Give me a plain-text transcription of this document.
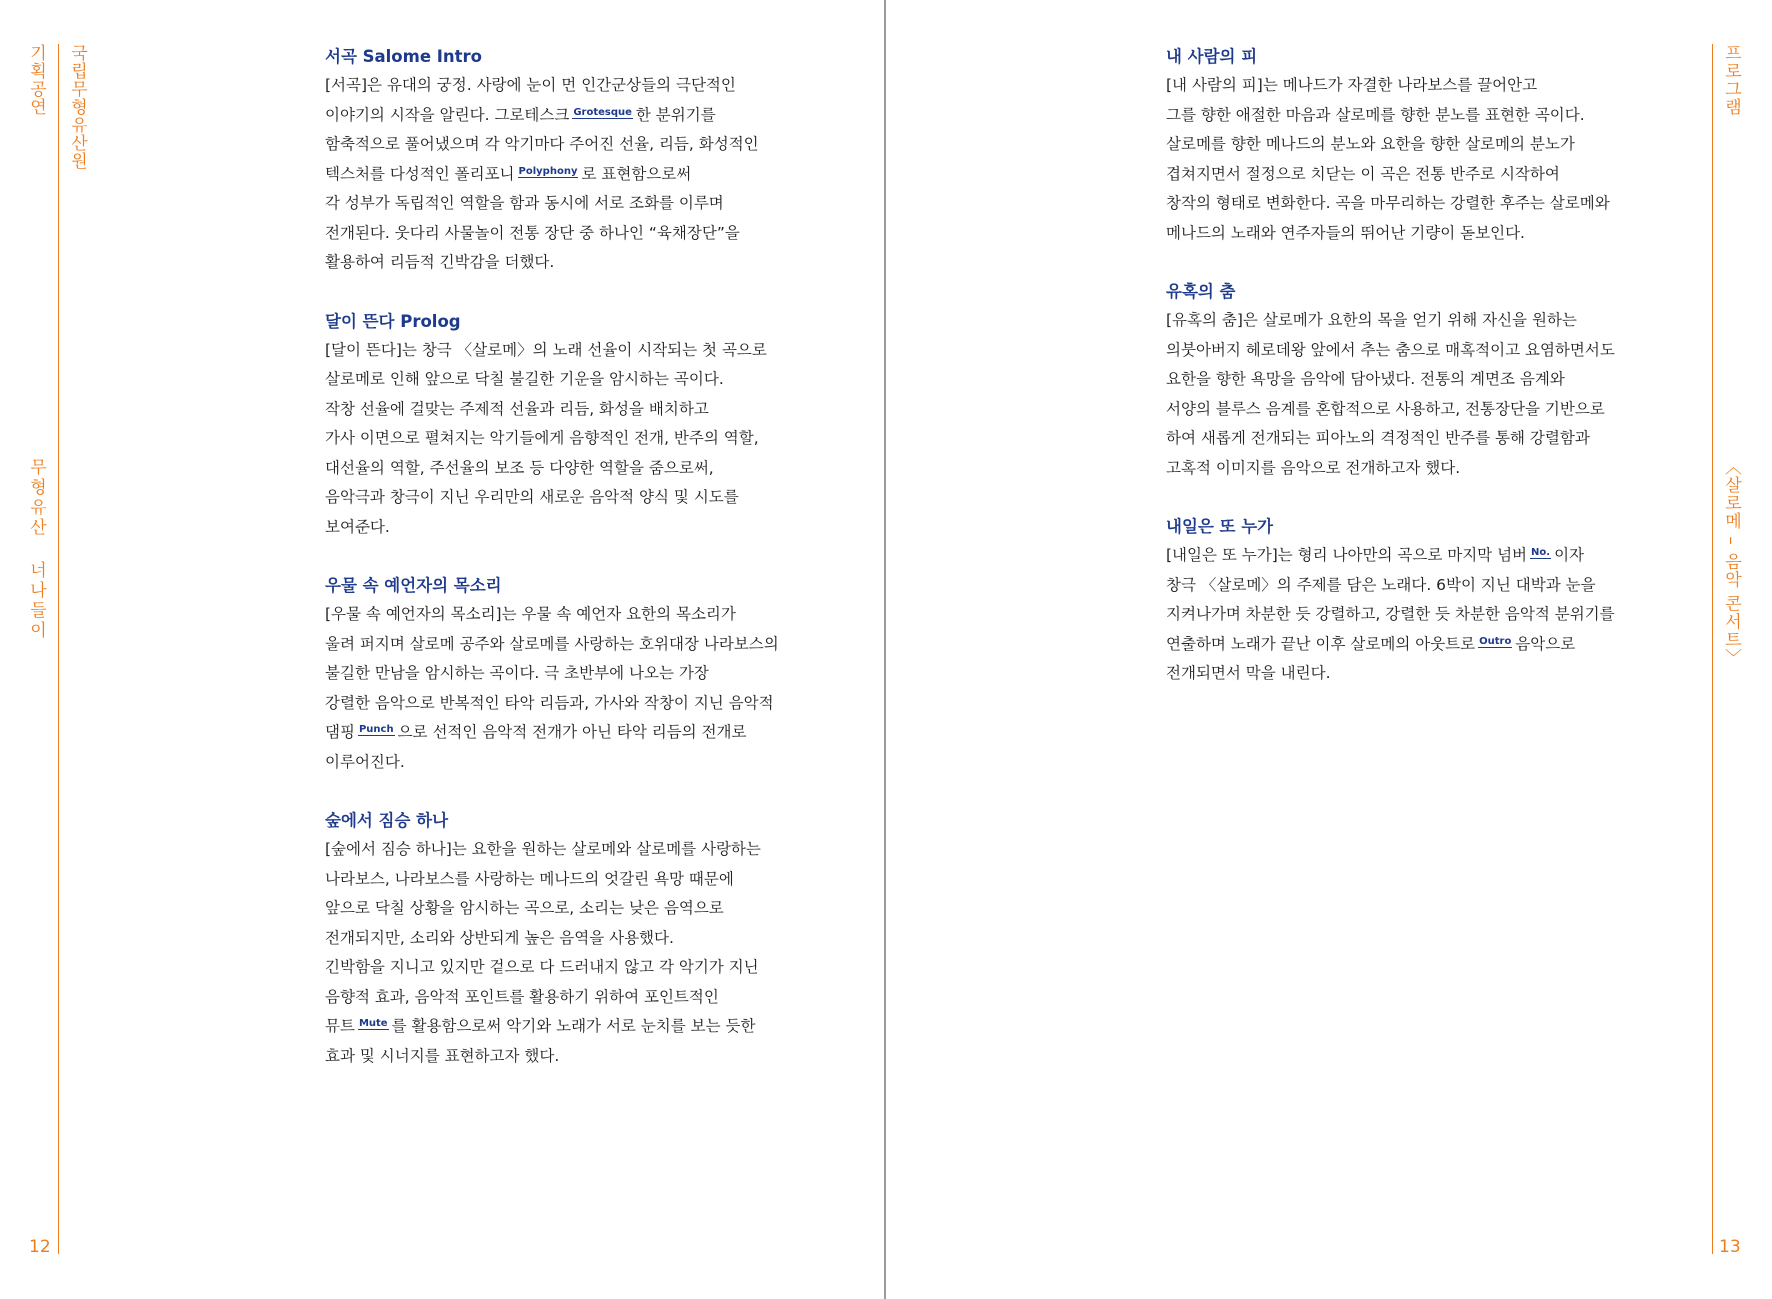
기획공연 국립무형유산원
무형유산 너나들이
12
서곡 Salome Intro
[서곡]은 유대의 궁정. 사랑에 눈이 먼 인간군상들의 극단적인
이야기의 시작을 알린다. 그로테스크 Grotesque 한 분위기를
함축적으로 풀어냈으며 각 악기마다 주어진 선율, 리듬, 화성적인
텍스처를 다성적인 폴리포니 Polyphony 로 표현함으로써
각 성부가 독립적인 역할을 함과 동시에 서로 조화를 이루며
전개된다. 웃다리 사물놀이 전통 장단 중 하나인 “육채장단”을
활용하여 리듬적 긴박감을 더했다.
달이 뜬다 Prolog
[달이 뜬다]는 창극 〈살로메〉의 노래 선율이 시작되는 첫 곡으로
살로메로 인해 앞으로 닥칠 불길한 기운을 암시하는 곡이다.
작창 선율에 걸맞는 주제적 선율과 리듬, 화성을 배치하고
가사 이면으로 펼쳐지는 악기들에게 음향적인 전개, 반주의 역할,
대선율의 역할, 주선율의 보조 등 다양한 역할을 줌으로써,
음악극과 창극이 지닌 우리만의 새로운 음악적 양식 및 시도를
보여준다.
우물 속 예언자의 목소리
[우물 속 예언자의 목소리]는 우물 속 예언자 요한의 목소리가
울려 퍼지며 살로메 공주와 살로메를 사랑하는 호위대장 나라보스의
불길한 만남을 암시하는 곡이다. 극 초반부에 나오는 가장
강렬한 음악으로 반복적인 타악 리듬과, 가사와 작창이 지닌 음악적
댐핑 Punch 으로 선적인 음악적 전개가 아닌 타악 리듬의 전개로
이루어진다.
숲에서 짐승 하나
[숲에서 짐승 하나]는 요한을 원하는 살로메와 살로메를 사랑하는
나라보스, 나라보스를 사랑하는 메나드의 엇갈린 욕망 때문에
앞으로 닥칠 상황을 암시하는 곡으로, 소리는 낮은 음역으로
전개되지만, 소리와 상반되게 높은 음역을 사용했다.
긴박함을 지니고 있지만 겉으로 다 드러내지 않고 각 악기가 지닌
음향적 효과, 음악적 포인트를 활용하기 위하여 포인트적인
뮤트 Mute 를 활용함으로써 악기와 노래가 서로 눈치를 보는 듯한
효과 및 시너지를 표현하고자 했다.
내 사람의 피
[내 사람의 피]는 메나드가 자결한 나라보스를 끌어안고
그를 향한 애절한 마음과 살로메를 향한 분노를 표현한 곡이다.
살로메를 향한 메나드의 분노와 요한을 향한 살로메의 분노가
겹쳐지면서 절정으로 치닫는 이 곡은 전통 반주로 시작하여
창작의 형태로 변화한다. 곡을 마무리하는 강렬한 후주는 살로메와
메나드의 노래와 연주자들의 뛰어난 기량이 돋보인다.
유혹의 춤
[유혹의 춤]은 살로메가 요한의 목을 얻기 위해 자신을 원하는
의붓아버지 헤로데왕 앞에서 추는 춤으로 매혹적이고 요염하면서도
요한을 향한 욕망을 음악에 담아냈다. 전통의 계면조 음계와
서양의 블루스 음계를 혼합적으로 사용하고, 전통장단을 기반으로
하여 새롭게 전개되는 피아노의 격정적인 반주를 통해 강렬함과
고혹적 이미지를 음악으로 전개하고자 했다.
내일은 또 누가
[내일은 또 누가]는 형리 나아만의 곡으로 마지막 넘버 No. 이자
창극 〈살로메〉의 주제를 담은 노래다. 6박이 지닌 대박과 눈을
지켜나가며 차분한 듯 강렬하고, 강렬한 듯 차분한 음악적 분위기를
연출하며 노래가 끝난 이후 살로메의 아웃트로 Outro 음악으로
전개되면서 막을 내린다.
프로그램
〈살로메 – 음악 콘서트〉
13
